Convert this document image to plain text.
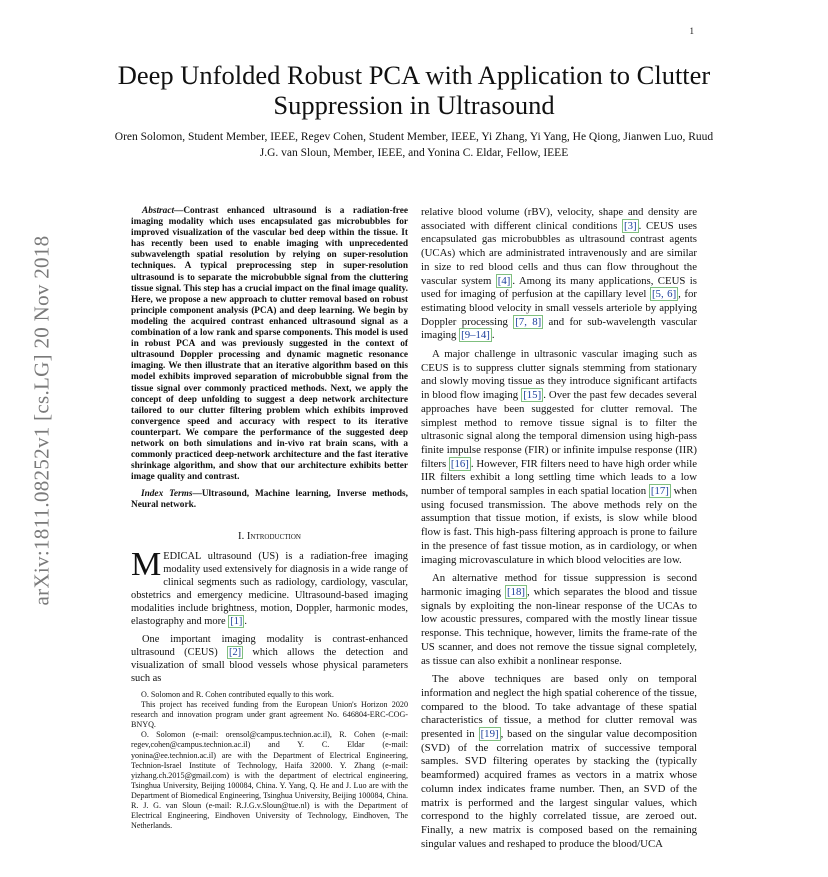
1
arXiv:1811.08252v1 [cs.LG] 20 Nov 2018
Deep Unfolded Robust PCA with Application to Clutter Suppression in Ultrasound
Oren Solomon, Student Member, IEEE, Regev Cohen, Student Member, IEEE, Yi Zhang, Yi Yang, He Qiong, Jianwen Luo, Ruud J.G. van Sloun, Member, IEEE, and Yonina C. Eldar, Fellow, IEEE

Abstract—Contrast enhanced ultrasound is a radiation-free imaging modality which uses encapsulated gas microbubbles for improved visualization of the vascular bed deep within the tissue. It has recently been used to enable imaging with unprecedented subwavelength spatial resolution by relying on super-resolution techniques. A typical preprocessing step in super-resolution ultrasound is to separate the microbubble signal from the cluttering tissue signal. This step has a crucial impact on the final image quality. Here, we propose a new approach to clutter removal based on robust principle component analysis (PCA) and deep learning. We begin by modeling the acquired contrast enhanced ultrasound signal as a combination of a low rank and sparse components. This model is used in robust PCA and was previously suggested in the context of ultrasound Doppler processing and dynamic magnetic resonance imaging. We then illustrate that an iterative algorithm based on this model exhibits improved separation of microbubble signal from the tissue signal over commonly practiced methods. Next, we apply the concept of deep unfolding to suggest a deep network architecture tailored to our clutter filtering problem which exhibits improved convergence speed and accuracy with respect to its iterative counterpart. We compare the performance of the suggested deep network on both simulations and in-vivo rat brain scans, with a commonly practiced deep-network architecture and the fast iterative shrinkage algorithm, and show that our architecture exhibits better image quality and contrast.

Index Terms—Ultrasound, Machine learning, Inverse methods, Neural network.

I. Introduction

MEDICAL ultrasound (US) is a radiation-free imaging modality used extensively for diagnosis in a wide range of clinical segments such as radiology, cardiology, vascular, obstetrics and emergency medicine. Ultrasound-based imaging modalities include brightness, motion, Doppler, harmonic modes, elastography and more [1] .

One important imaging modality is contrast-enhanced ultrasound (CEUS) [2] which allows the detection and visualization of small blood vessels whose physical parameters such as

O. Solomon and R. Cohen contributed equally to this work.

This project has received funding from the European Union's Horizon 2020 research and innovation program under grant agreement No. 646804-ERC-COG-BNYQ.

O. Solomon (e-mail: orensol@campus.technion.ac.il), R. Cohen (e-mail: regev,cohen@campus.technion.ac.il) and Y. C. Eldar (e-mail: yonina@ee.technion.ac.il) are with the Department of Electrical Engineering, Technion-Israel Institute of Technology, Haifa 32000. Y. Zhang (e-mail: yizhang.ch.2015@gmail.com) is with the department of electrical engineering, Tsinghua University, Beijing 100084, China. Y. Yang, Q. He and J. Luo are with the Department of Biomedical Engineering, Tsinghua University, Beijing 100084, China. R. J. G. van Sloun (e-mail: R.J.G.v.Sloun@tue.nl) is with the Department of Electrical Engineering, Eindhoven University of Technology, Eindhoven, The Netherlands.

relative blood volume (rBV), velocity, shape and density are associated with different clinical conditions [3] . CEUS uses encapsulated gas microbubbles as ultrasound contrast agents (UCAs) which are administrated intravenously and are similar in size to red blood cells and thus can flow throughout the vascular system [4] . Among its many applications, CEUS is used for imaging of perfusion at the capillary level [5, 6] , for estimating blood velocity in small vessels arteriole by applying Doppler processing [7, 8] and for sub-wavelength vascular imaging [9–14] .

A major challenge in ultrasonic vascular imaging such as CEUS is to suppress clutter signals stemming from stationary and slowly moving tissue as they introduce significant artifacts in blood flow imaging [15] . Over the past few decades several approaches have been suggested for clutter removal. The simplest method to remove tissue signal is to filter the ultrasonic signal along the temporal dimension using high-pass finite impulse response (FIR) or infinite impulse response (IIR) filters [16] . However, FIR filters need to have high order while IIR filters exhibit a long settling time which leads to a low number of temporal samples in each spatial location [17] when using focused transmission. The above methods rely on the assumption that tissue motion, if exists, is slow while blood flow is fast. This high-pass filtering approach is prone to failure in the presence of fast tissue motion, as in cardiology, or when imaging microvasculature in which blood velocities are low.

An alternative method for tissue suppression is second harmonic imaging [18] , which separates the blood and tissue signals by exploiting the non-linear response of the UCAs to low acoustic pressures, compared with the mostly linear tissue response. This technique, however, limits the frame-rate of the US scanner, and does not remove the tissue signal completely, as tissue can also exhibit a nonlinear response.

The above techniques are based only on temporal information and neglect the high spatial coherence of the tissue, compared to the blood. To take advantage of these spatial characteristics of tissue, a method for clutter removal was presented in [19] , based on the singular value decomposition (SVD) of the correlation matrix of successive temporal samples. SVD filtering operates by stacking the (typically beamformed) acquired frames as vectors in a matrix whose column index indicates frame number. Then, an SVD of the matrix is performed and the largest singular values, which correspond to the highly correlated tissue, are zeroed out. Finally, a new matrix is composed based on the remaining singular values and reshaped to produce the blood/UCA
